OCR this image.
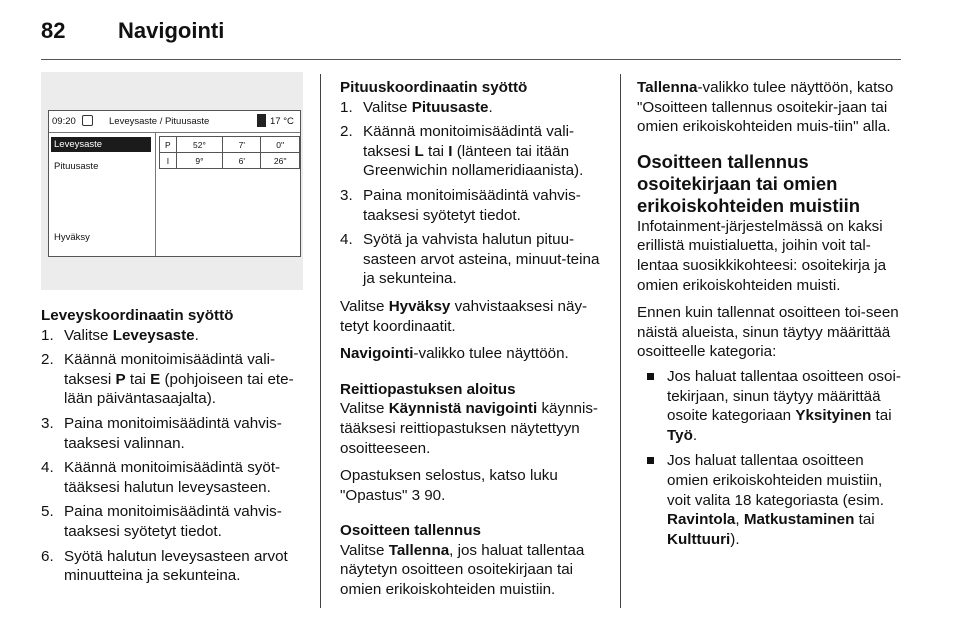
82 Navigointi
09:20	Leveysaste / Pituusaste	17 °C
Leveysaste
Pituusaste
Hyväksy
P	52°	7'	0''
I	9°	6'	26''

Leveyskoordinaatin syöttö

1. Valitse Leveysaste.
2. Käännä monitoimisäädintä vali-taksesi P tai E (pohjoiseen tai ete-lään päiväntasaajalta).
3. Paina monitoimisäädintä vahvis-taaksesi valinnan.
4. Käännä monitoimisäädintä syöt-tääksesi halutun leveysasteen.
5. Paina monitoimisäädintä vahvis-taaksesi syötetyt tiedot.
6. Syötä halutun leveysasteen arvot minuutteina ja sekunteina.

Pituuskoordinaatin syöttö

1. Valitse Pituusaste.
2. Käännä monitoimisäädintä vali-taksesi L tai I (länteen tai itään Greenwichin nollameridiaanista).
3. Paina monitoimisäädintä vahvis-taaksesi syötetyt tiedot.
4. Syötä ja vahvista halutun pituu-sasteen arvot asteina, minuut-teina ja sekunteina.

Valitse Hyväksy vahvistaaksesi näy-tetyt koordinaatit.

Navigointi-valikko tulee näyttöön.

Reittiopastuksen aloitus

Valitse Käynnistä navigointi käynnis-tääksesi reittiopastuksen näytettyyn osoitteeseen.

Opastuksen selostus, katso luku "Opastus" 3 90.

Osoitteen tallennus

Valitse Tallenna, jos haluat tallentaa näytetyn osoitteen osoitekirjaan tai omien erikoiskohteiden muistiin.

Tallenna-valikko tulee näyttöön, katso "Osoitteen tallennus osoitekir-jaan tai omien erikoiskohteiden muis-tiin" alla.

Osoitteen tallennus osoitekirjaan tai omien erikoiskohteiden muistiin

Infotainment-järjestelmässä on kaksi erillistä muistialuetta, joihin voit tal-lentaa suosikkikohteesi: osoitekirja ja omien erikoiskohteiden muisti.

Ennen kuin tallennat osoitteen toi-seen näistä alueista, sinun täytyy määrittää osoitteelle kategoria:

Jos haluat tallentaa osoitteen osoi-tekirjaan, sinun täytyy määrittää osoite kategoriaan Yksityinen tai Työ.
Jos haluat tallentaa osoitteen omien erikoiskohteiden muistiin, voit valita 18 kategoriasta (esim. Ravintola, Matkustaminen tai Kulttuuri).
